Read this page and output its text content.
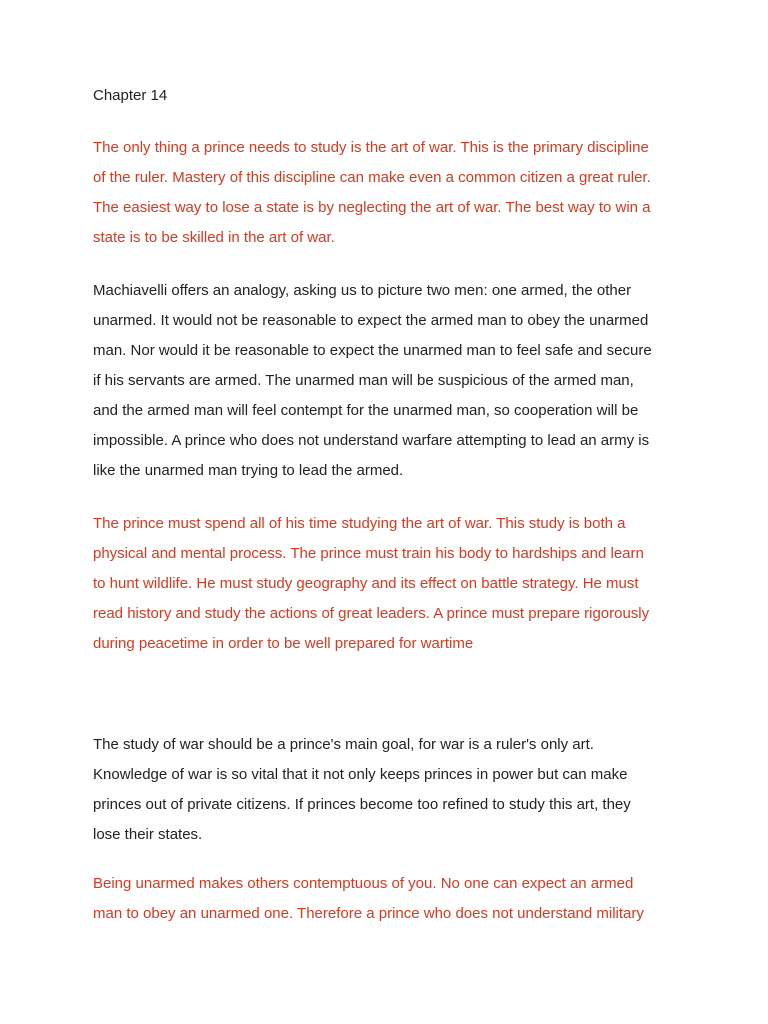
Chapter 14

The only thing a prince needs to study is the art of war. This is the primary discipline

of the ruler. Mastery of this discipline can make even a common citizen a great ruler.

The easiest way to lose a state is by neglecting the art of war. The best way to win a

state is to be skilled in the art of war.

Machiavelli offers an analogy, asking us to picture two men: one armed, the other

unarmed. It would not be reasonable to expect the armed man to obey the unarmed

man. Nor would it be reasonable to expect the unarmed man to feel safe and secure

if his servants are armed. The unarmed man will be suspicious of the armed man,

and the armed man will feel contempt for the unarmed man, so cooperation will be

impossible. A prince who does not understand warfare attempting to lead an army is

like the unarmed man trying to lead the armed.

The prince must spend all of his time studying the art of war. This study is both a

physical and mental process. The prince must train his body to hardships and learn

to hunt wildlife. He must study geography and its effect on battle strategy. He must

read history and study the actions of great leaders. A prince must prepare rigorously

during peacetime in order to be well prepared for wartime

The study of war should be a prince's main goal, for war is a ruler's only art.

Knowledge of war is so vital that it not only keeps princes in power but can make

princes out of private citizens. If princes become too refined to study this art, they

lose their states.

Being unarmed makes others contemptuous of you. No one can expect an armed

man to obey an unarmed one. Therefore a prince who does not understand military
